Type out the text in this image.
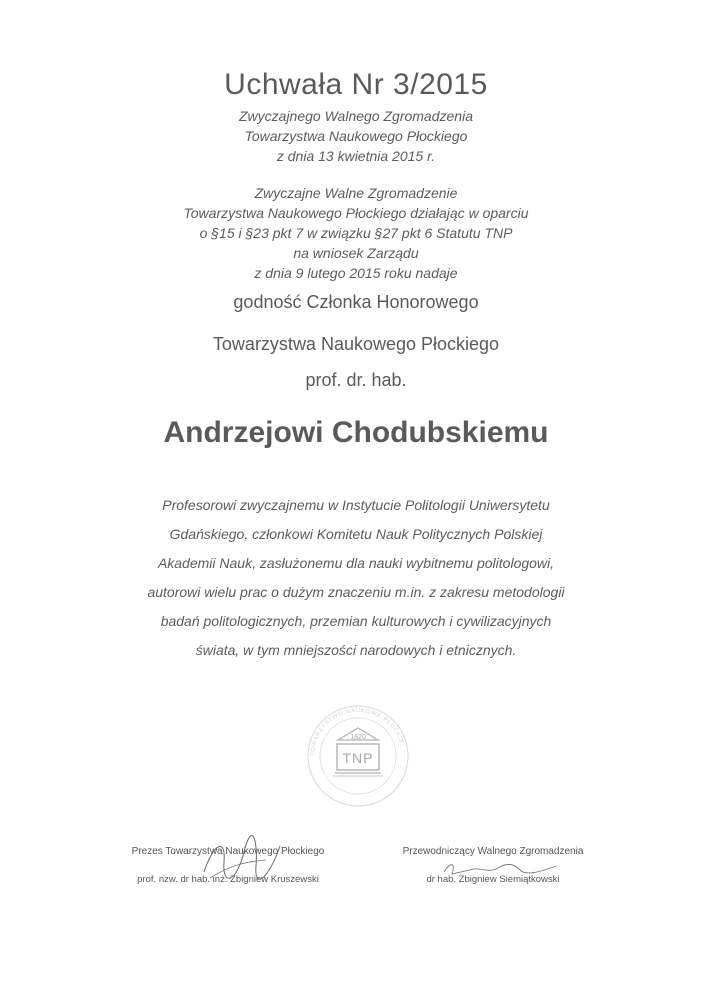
Uchwała Nr 3/2015
Zwyczajnego Walnego Zgromadzenia
Towarzystwa Naukowego Płockiego
z dnia 13 kwietnia 2015 r.
Zwyczajne Walne Zgromadzenie
Towarzystwa Naukowego Płockiego działając w oparciu
o §15 i §23 pkt 7 w związku §27 pkt 6 Statutu TNP
na wniosek Zarządu
z dnia 9 lutego 2015 roku nadaje
godność Członka Honorowego
Towarzystwa Naukowego Płockiego
prof. dr. hab.
Andrzejowi Chodubskiemu
Profesorowi zwyczajnemu w Instytucie Politologii Uniwersytetu
Gdańskiego, członkowi Komitetu Nauk Politycznych Polskiej
Akademii Nauk, zasłużonemu dla nauki wybitnemu politologowi,
autorowi wielu prac o dużym znaczeniu m.in. z zakresu metodologii
badań politologicznych, przemian kulturowych i cywilizacyjnych
świata, w tym mniejszości narodowych i etnicznych.
TOWARZYSTWO NAUKOWE PŁOCKIE
1820
TNP
Prezes Towarzystwa Naukowego Płockiego
prof. nzw. dr hab. inż. Zbigniew Kruszewski
Przewodniczący Walnego Zgromadzenia
dr hab. Zbigniew Siemiątkowski
